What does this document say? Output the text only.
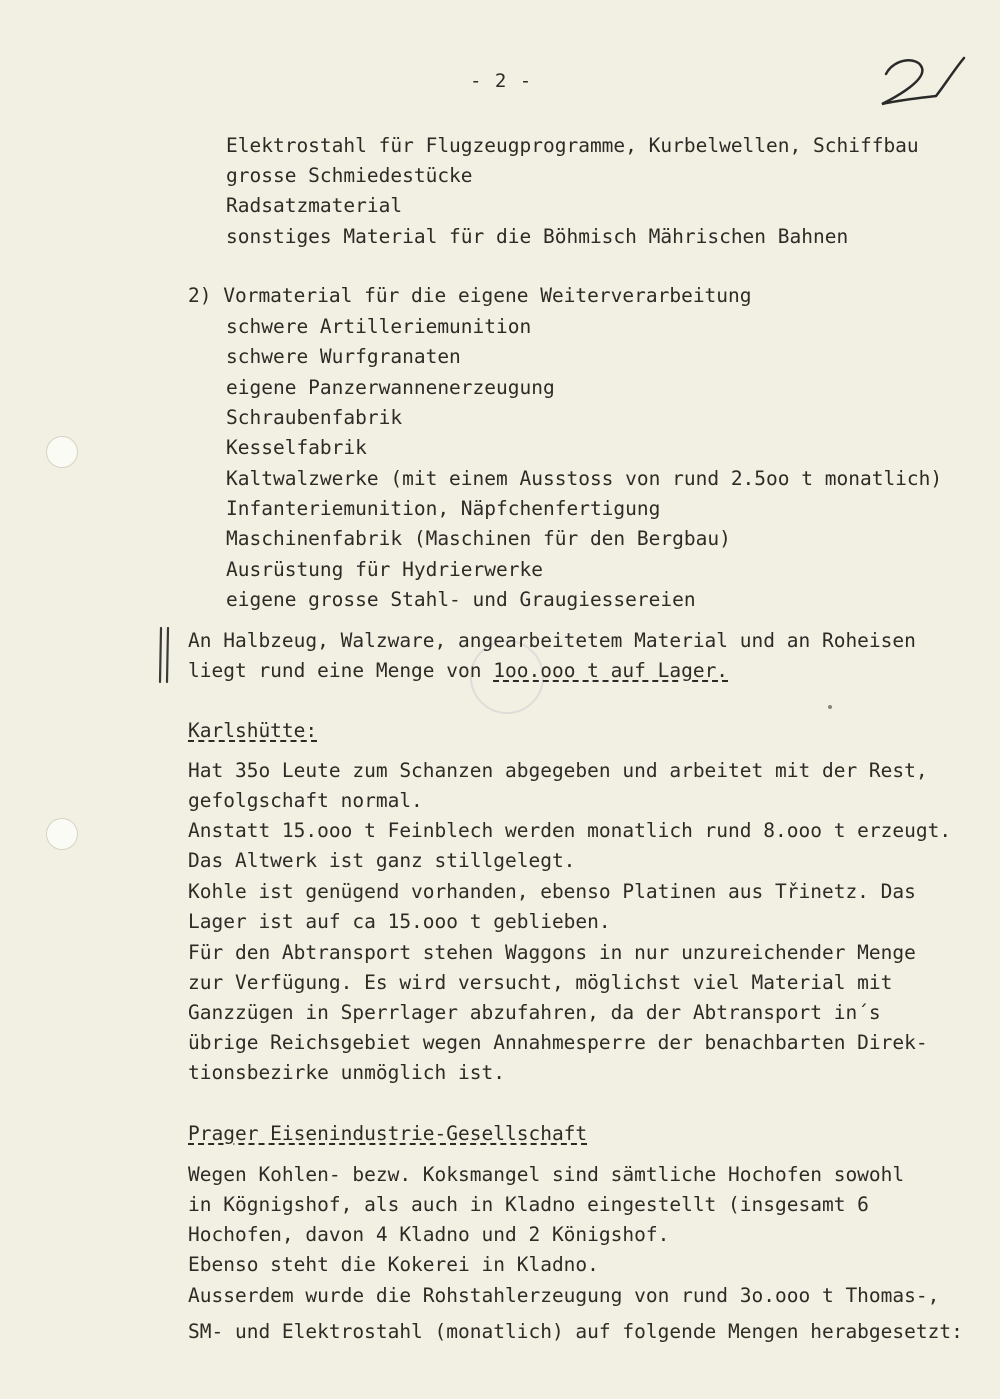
- 2 -
Elektrostahl für Flugzeugprogramme, Kurbelwellen, Schiffbau
grosse Schmiedestücke
Radsatzmaterial
sonstiges Material für die Böhmisch Mährischen Bahnen
2) Vormaterial für die eigene Weiterverarbeitung
schwere Artilleriemunition
schwere Wurfgranaten
eigene Panzerwannenerzeugung
Schraubenfabrik
Kesselfabrik
Kaltwalzwerke (mit einem Ausstoss von rund 2.5oo t monatlich)
Infanteriemunition, Näpfchenfertigung
Maschinenfabrik (Maschinen für den Bergbau)
Ausrüstung für Hydrierwerke
eigene grosse Stahl- und Graugiessereien
An Halbzeug, Walzware, angearbeitetem Material und an Roheisen
liegt rund eine Menge von 1oo.ooo t auf Lager.
Karlshütte:
Hat 35o Leute zum Schanzen abgegeben und arbeitet mit der Rest,
gefolgschaft normal.
Anstatt 15.ooo t Feinblech werden monatlich rund 8.ooo t erzeugt.
Das Altwerk ist ganz stillgelegt.
Kohle ist genügend vorhanden, ebenso Platinen aus Třinetz. Das
Lager ist auf ca 15.ooo t geblieben.
Für den Abtransport stehen Waggons in nur unzureichender Menge
zur Verfügung. Es wird versucht, möglichst viel Material mit
Ganzzügen in Sperrlager abzufahren, da der Abtransport in´s
übrige Reichsgebiet wegen Annahmesperre der benachbarten Direk-
tionsbezirke unmöglich ist.
Prager Eisenindustrie-Gesellschaft
Wegen Kohlen- bezw. Koksmangel sind sämtliche Hochofen sowohl
in Kögnigshof, als auch in Kladno eingestellt (insgesamt 6
Hochofen, davon 4 Kladno und 2 Königshof.
Ebenso steht die Kokerei in Kladno.
Ausserdem wurde die Rohstahlerzeugung von rund 3o.ooo t Thomas-,
SM- und Elektrostahl (monatlich) auf folgende Mengen herabgesetzt:
